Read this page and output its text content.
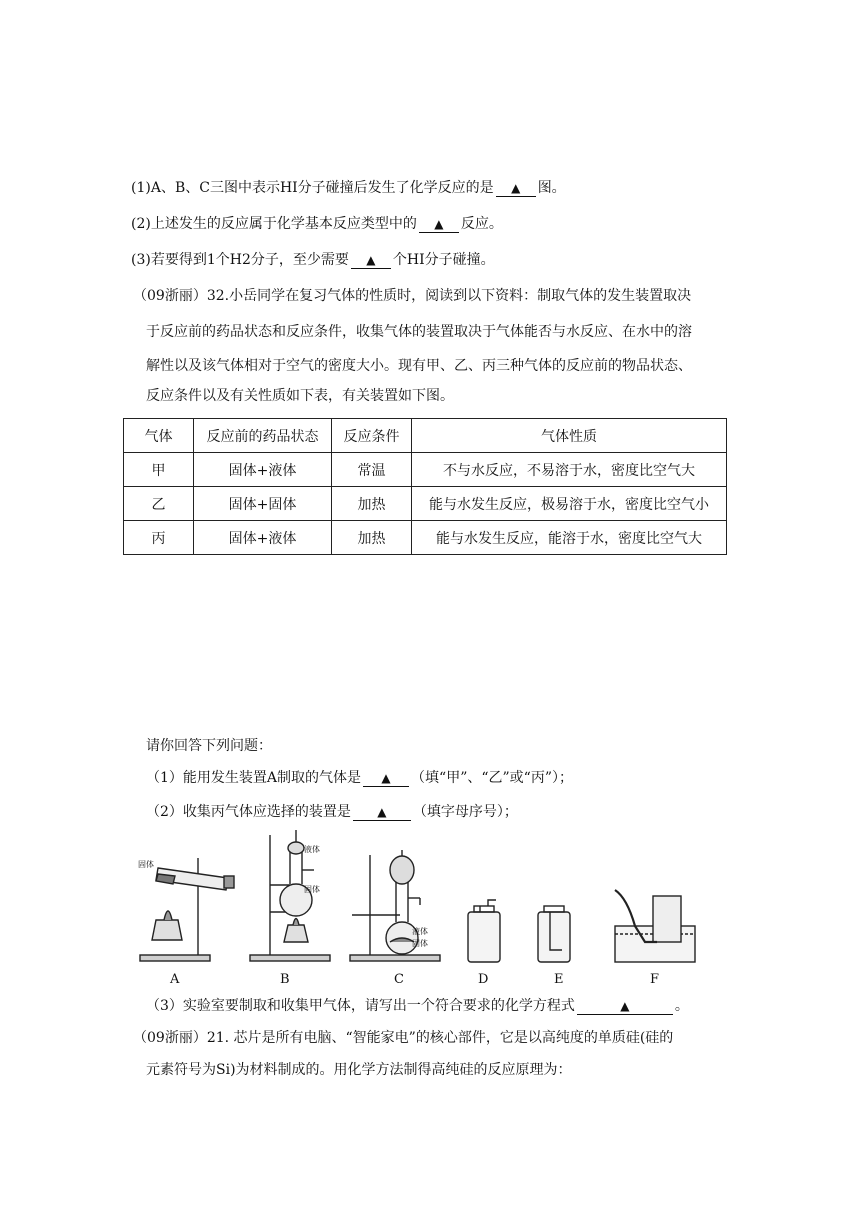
(1)A、B、C三图中表示HI分子碰撞后发生了化学反应的是 ▲ 图。
(2)上述发生的反应属于化学基本反应类型中的 ▲ 反应。
(3)若要得到1个H2分子，至少需要 ▲ 个HI分子碰撞。
（09浙丽）32.小岳同学在复习气体的性质时，阅读到以下资料：制取气体的发生装置取决
于反应前的药品状态和反应条件，收集气体的装置取决于气体能否与水反应、在水中的溶
解性以及该气体相对于空气的密度大小。现有甲、乙、丙三种气体的反应前的物品状态、
反应条件以及有关性质如下表，有关装置如下图。
气体	反应前的药品状态	反应条件	气体性质
甲	固体+液体	常温	不与水反应，不易溶于水，密度比空气大
乙	固体+固体	加热	能与水发生反应，极易溶于水，密度比空气小
丙	固体+液体	加热	能与水发生反应，能溶于水，密度比空气大
请你回答下列问题：
（1）能用发生装置A制取的气体是 ▲ （填“甲”、“乙”或“丙”）；
（2）收集丙气体应选择的装置是 ▲ （填字母序号）；
固体
液体
固体
液体
固体
A	B	C	D	E	F
（3）实验室要制取和收集甲气体，请写出一个符合要求的化学方程式	▲	。
（09浙丽）21. 芯片是所有电脑、“智能家电”的核心部件，它是以高纯度的单质硅(硅的
元素符号为Si)为材料制成的。用化学方法制得高纯硅的反应原理为：
